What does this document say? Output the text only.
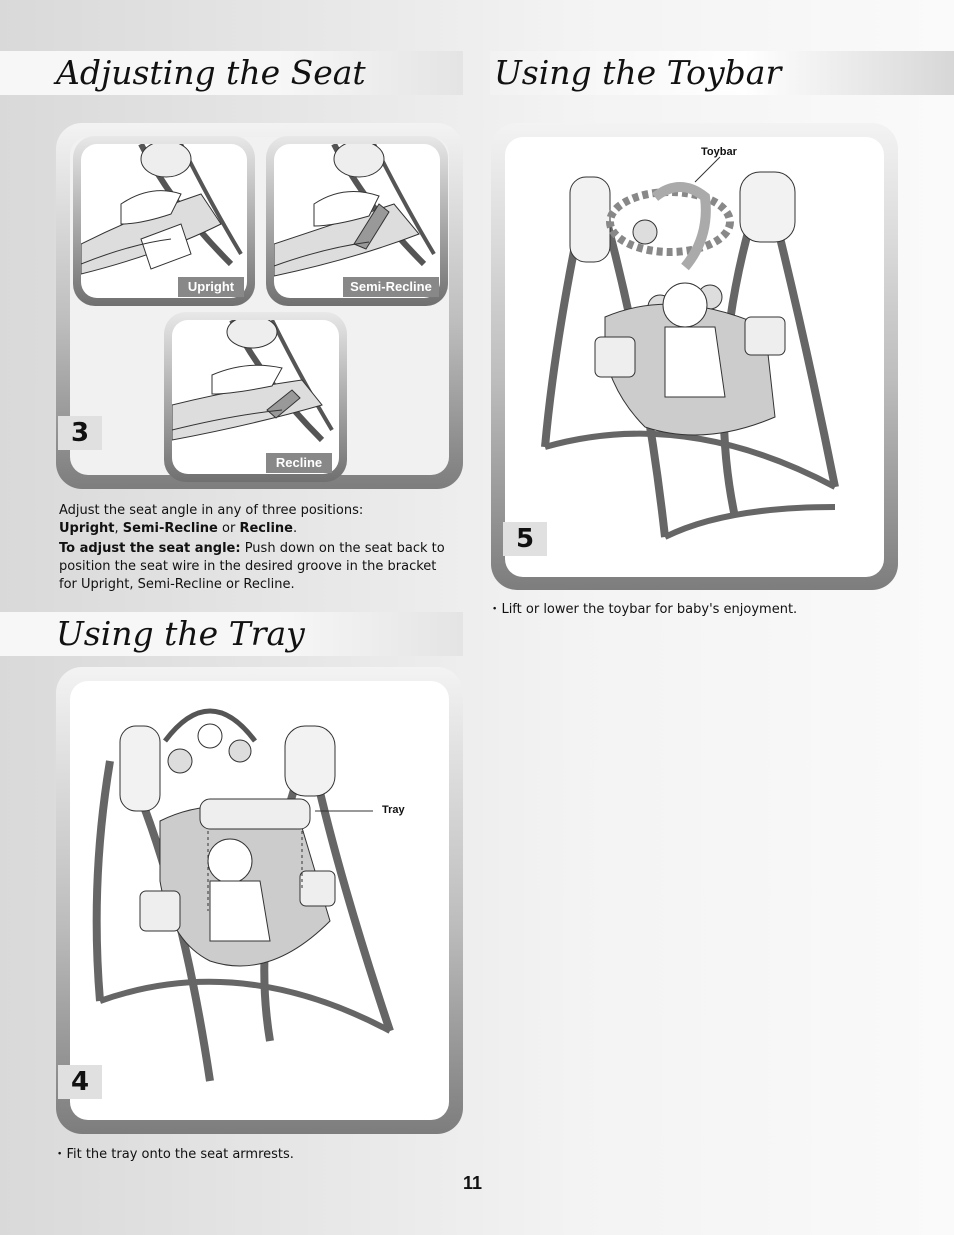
Adjusting the Seat	Using the Toybar
Using the Tray
Upright	Semi-Recline
Recline
3

Adjust the seat angle in any of three positions:
Upright, Semi-Recline or Recline.

To adjust the seat angle: Push down on the seat back to position the seat wire in the desired groove in the bracket for Upright, Semi-Recline or Recline.

Tray
4
• Fit the tray onto the seat armrests.
Toybar
5
• Lift or lower the toybar for baby's enjoyment.
11
